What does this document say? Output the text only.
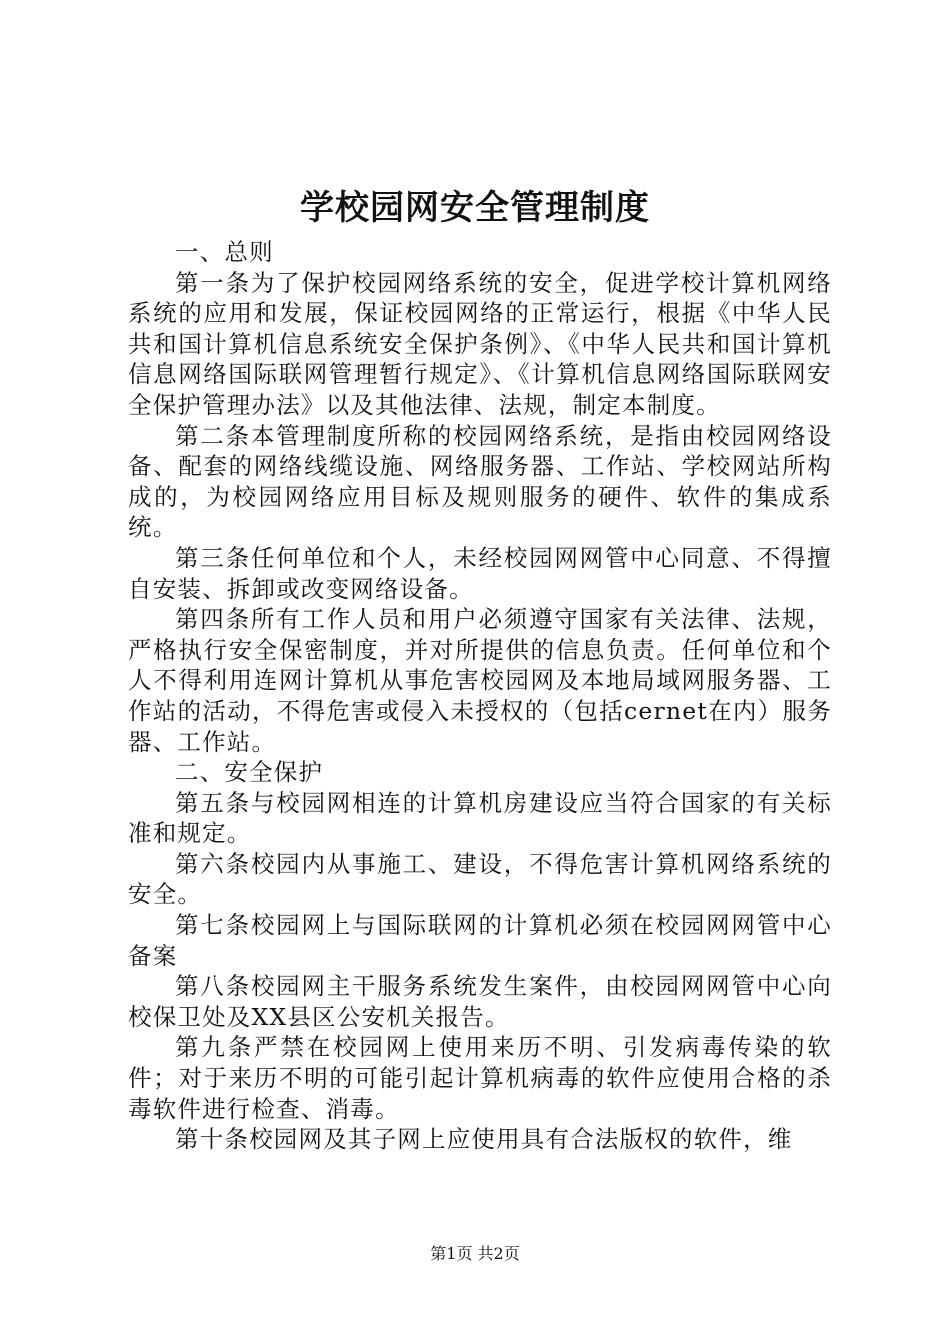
学校园网安全管理制度

一、总则

第一条为了保护校园网络系统的安全，促进学校计算机网络系统的应用和发展，保证校园网络的正常运行，根据《中华人民共和国计算机信息系统安全保护条例》、《中华人民共和国计算机信息网络国际联网管理暂行规定》、《计算机信息网络国际联网安全保护管理办法》以及其他法律、法规，制定本制度。

第二条本管理制度所称的校园网络系统，是指由校园网络设备、配套的网络线缆设施、网络服务器、工作站、学校网站所构成的，为校园网络应用目标及规则服务的硬件、软件的集成系统。

第三条任何单位和个人，未经校园网网管中心同意、不得擅自安装、拆卸或改变网络设备。

第四条所有工作人员和用户必须遵守国家有关法律、法规，严格执行安全保密制度，并对所提供的信息负责。任何单位和个人不得利用连网计算机从事危害校园网及本地局域网服务器、工作站的活动，不得危害或侵入未授权的（包括cernet在内）服务器、工作站。

二、安全保护

第五条与校园网相连的计算机房建设应当符合国家的有关标准和规定。

第六条校园内从事施工、建设，不得危害计算机网络系统的安全。

第七条校园网上与国际联网的计算机必须在校园网网管中心备案

第八条校园网主干服务系统发生案件，由校园网网管中心向校保卫处及XX县区公安机关报告。

第九条严禁在校园网上使用来历不明、引发病毒传染的软件；对于来历不明的可能引起计算机病毒的软件应使用合格的杀毒软件进行检查、消毒。

第十条校园网及其子网上应使用具有合法版权的软件，维

第1页 共2页
